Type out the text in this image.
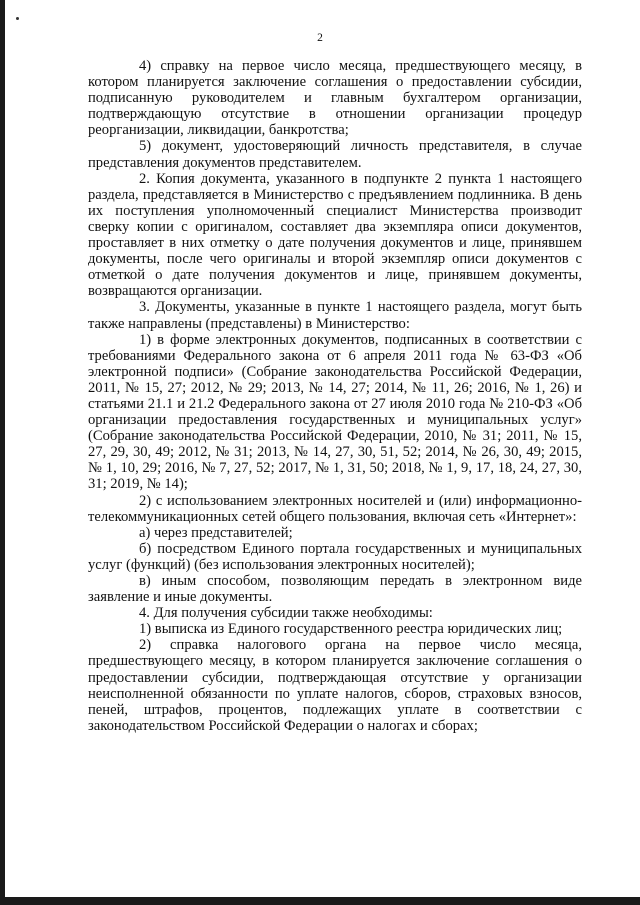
2

4) справку на первое число месяца, предшествующего месяцу, в котором планируется заключение соглашения о предоставлении субсидии, подписанную руководителем и главным бухгалтером организации, подтверждающую отсутствие в отношении организации процедур реорганизации, ликвидации, банкротства;

5) документ, удостоверяющий личность представителя, в случае представления документов представителем.

2. Копия документа, указанного в подпункте 2 пункта 1 настоящего раздела, представляется в Министерство с предъявлением подлинника. В день их поступления уполномоченный специалист Министерства производит сверку копии с оригиналом, составляет два экземпляра описи документов, проставляет в них отметку о дате получения документов и лице, принявшем документы, после чего оригиналы и второй экземпляр описи документов с отметкой о дате получения документов и лице, принявшем документы, возвращаются организации.

3. Документы, указанные в пункте 1 настоящего раздела, могут быть также направлены (представлены) в Министерство:

1) в форме электронных документов, подписанных в соответствии с требованиями Федерального закона от 6 апреля 2011 года № 63-ФЗ «Об электронной подписи» (Собрание законодательства Российской Федерации, 2011, № 15, 27; 2012, № 29; 2013, № 14, 27; 2014, № 11, 26; 2016, № 1, 26) и статьями 21.1 и 21.2 Федерального закона от 27 июля 2010 года № 210-ФЗ «Об организации предоставления государственных и муниципальных услуг» (Собрание законодательства Российской Федерации, 2010, № 31; 2011, № 15, 27, 29, 30, 49; 2012, № 31; 2013, № 14, 27, 30, 51, 52; 2014, № 26, 30, 49; 2015, № 1, 10, 29; 2016, № 7, 27, 52; 2017, № 1, 31, 50; 2018, № 1, 9, 17, 18, 24, 27, 30, 31; 2019, № 14);

2) с использованием электронных носителей и (или) информационно-телекоммуникационных сетей общего пользования, включая сеть «Интернет»:

а) через представителей;

б) посредством Единого портала государственных и муниципальных услуг (функций) (без использования электронных носителей);

в) иным способом, позволяющим передать в электронном виде заявление и иные документы.

4. Для получения субсидии также необходимы:

1) выписка из Единого государственного реестра юридических лиц;

2) справка налогового органа на первое число месяца, предшествующего месяцу, в котором планируется заключение соглашения о предоставлении субсидии, подтверждающая отсутствие у организации неисполненной обязанности по уплате налогов, сборов, страховых взносов, пеней, штрафов, процентов, подлежащих уплате в соответствии с законодательством Российской Федерации о налогах и сборах;
